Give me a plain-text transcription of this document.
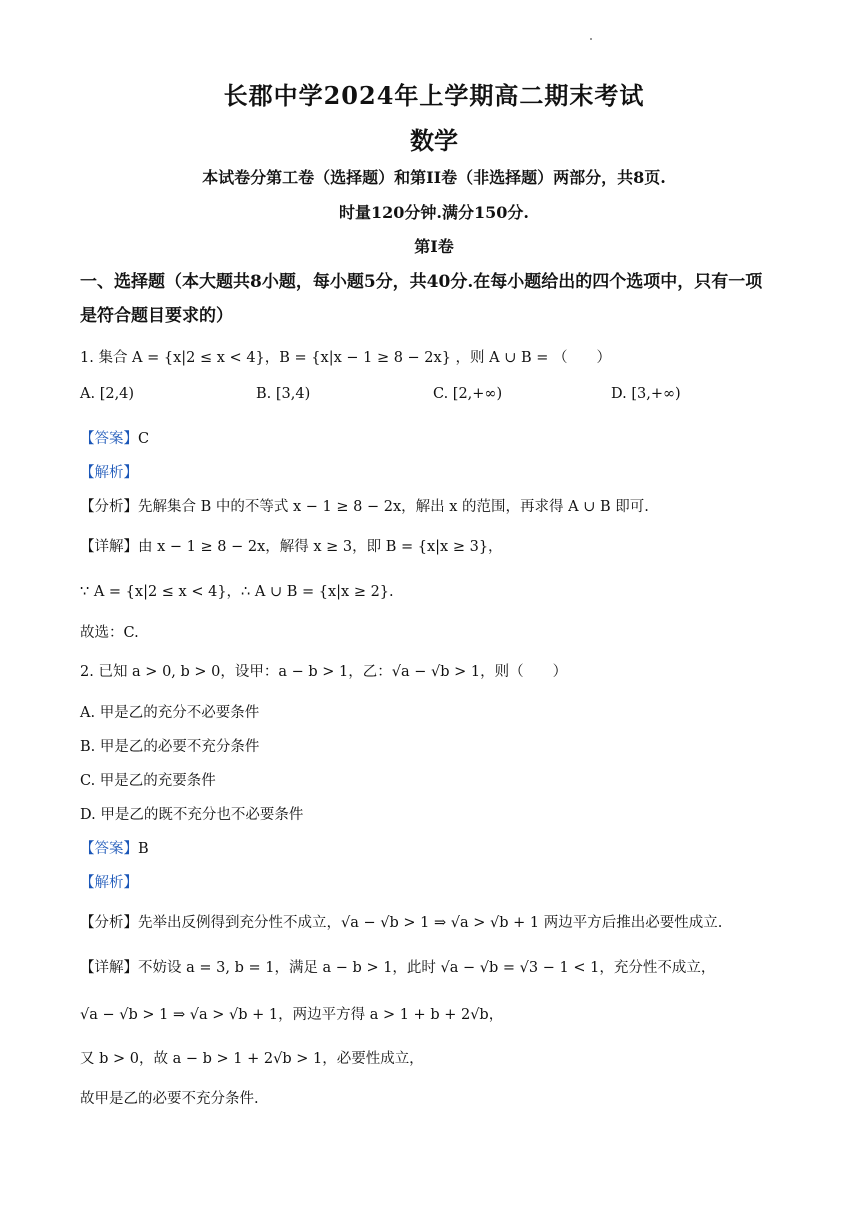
长郡中学2024年上学期高二期末考试
数学
本试卷分第工卷（选择题）和第II卷（非选择题）两部分，共8页.
时量120分钟.满分150分.
第I卷
一、选择题（本大题共8小题，每小题5分，共40分.在每小题给出的四个选项中，只有一项
是符合题目要求的）
1. 集合 A = {x|2 ≤ x < 4}，B = {x|x − 1 ≥ 8 − 2x} ，则 A ∪ B = （　　）
A. [2,4)	B. [3,4)	C. [2,+∞)	D. [3,+∞)
【答案】C
【解析】
【分析】先解集合 B 中的不等式 x − 1 ≥ 8 − 2x，解出 x 的范围，再求得 A ∪ B 即可.
【详解】由 x − 1 ≥ 8 − 2x，解得 x ≥ 3，即 B = {x|x ≥ 3}，
∵ A = {x|2 ≤ x < 4}，∴ A ∪ B = {x|x ≥ 2}.
故选：C.
2. 已知 a > 0, b > 0，设甲：a − b > 1，乙：√a − √b > 1，则（　　）
A. 甲是乙的充分不必要条件
B. 甲是乙的必要不充分条件
C. 甲是乙的充要条件
D. 甲是乙的既不充分也不必要条件
【答案】B
【解析】
【分析】先举出反例得到充分性不成立，√a − √b > 1 ⇒ √a > √b + 1 两边平方后推出必要性成立.
【详解】不妨设 a = 3, b = 1，满足 a − b > 1，此时 √a − √b = √3 − 1 < 1，充分性不成立，
√a − √b > 1 ⇒ √a > √b + 1，两边平方得 a > 1 + b + 2√b，
又 b > 0，故 a − b > 1 + 2√b > 1，必要性成立，
故甲是乙的必要不充分条件.
